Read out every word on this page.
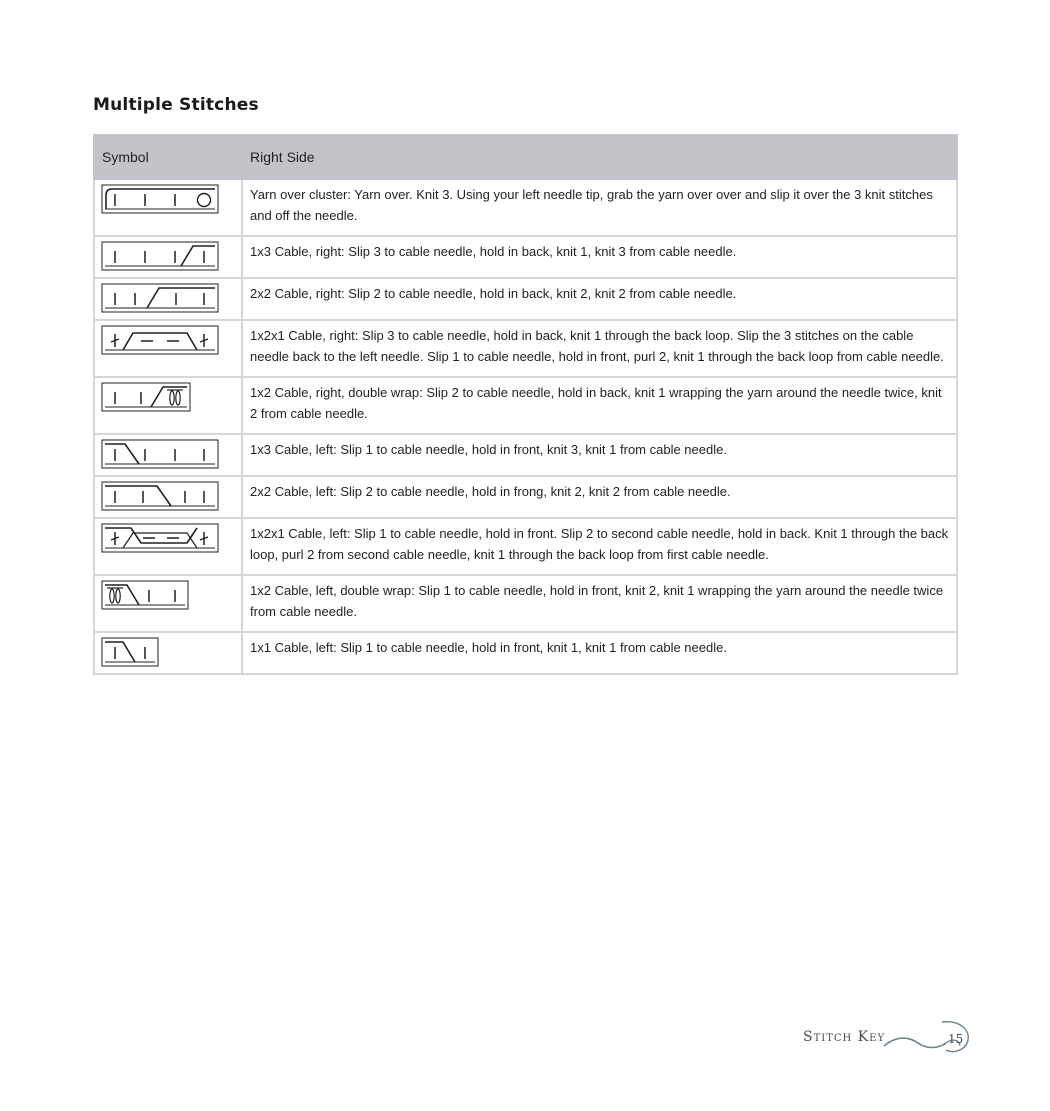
Multiple Stitches
Symbol	Right Side

	Yarn over cluster: Yarn over. Knit 3. Using your left needle tip, grab the yarn over over and slip it over the 3 knit stitches and off the needle.

	1x3 Cable, right: Slip 3 to cable needle, hold in back, knit 1, knit 3 from cable needle.

	2x2 Cable, right: Slip 2 to cable needle, hold in back, knit 2, knit 2 from cable needle.

	1x2x1 Cable, right: Slip 3 to cable needle, hold in back, knit 1 through the back loop. Slip the 3 stitches on the cable needle back to the left needle. Slip 1 to cable needle, hold in front, purl 2, knit 1 through the back loop from cable needle.

	1x2 Cable, right, double wrap: Slip 2 to cable needle, hold in back, knit 1 wrapping the yarn around the needle twice, knit 2 from cable needle.

	1x3 Cable, left: Slip 1 to cable needle, hold in front, knit 3, knit 1 from cable needle.

	2x2 Cable, left: Slip 2 to cable needle, hold in frong, knit 2, knit 2 from cable needle.

	1x2x1 Cable, left: Slip 1 to cable needle, hold in front. Slip 2 to second cable needle, hold in back. Knit 1 through the back loop, purl 2 from second cable needle, knit 1 through the back loop from first cable needle.

	1x2 Cable, left, double wrap: Slip 1 to cable needle, hold in front, knit 2, knit 1 wrapping the yarn around the needle twice from cable needle.

	1x1 Cable, left: Slip 1 to cable needle, hold in front, knit 1, knit 1 from cable needle.
Stitch Key	15
